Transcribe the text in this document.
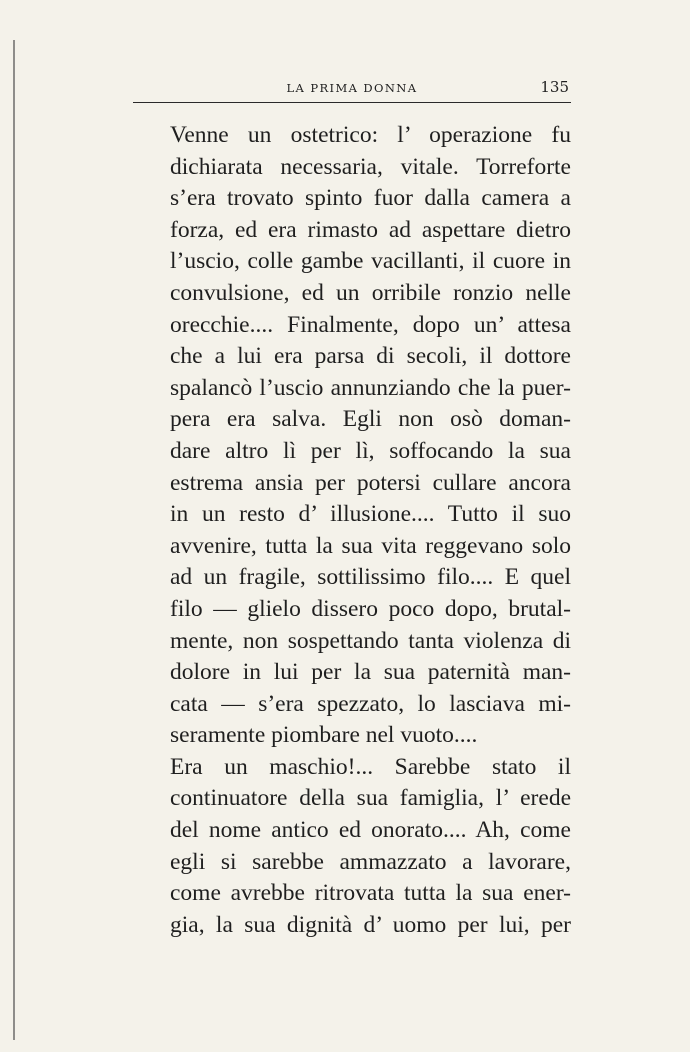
LA PRIMA DONNA	135

Venne un ostetrico: l’ operazione fu
dichiarata necessaria, vitale. Torreforte
s’era trovato spinto fuor dalla camera a
forza, ed era rimasto ad aspettare dietro
l’uscio, colle gambe vacillanti, il cuore in
convulsione, ed un orribile ronzio nelle
orecchie.... Finalmente, dopo un’ attesa
che a lui era parsa di secoli, il dottore
spalancò l’uscio annunziando che la puer-
pera era salva. Egli non osò doman-
dare altro lì per lì, soffocando la sua
estrema ansia per potersi cullare ancora
in un resto d’ illusione.... Tutto il suo
avvenire, tutta la sua vita reggevano solo
ad un fragile, sottilissimo filo.... E quel
filo — glielo dissero poco dopo, brutal-
mente, non sospettando tanta violenza di
dolore in lui per la sua paternità man-
cata — s’era spezzato, lo lasciava mi-
seramente piombare nel vuoto....

Era un maschio!... Sarebbe stato il
continuatore della sua famiglia, l’ erede
del nome antico ed onorato.... Ah, come
egli si sarebbe ammazzato a lavorare,
come avrebbe ritrovata tutta la sua ener-
gia, la sua dignità d’ uomo per lui, per
